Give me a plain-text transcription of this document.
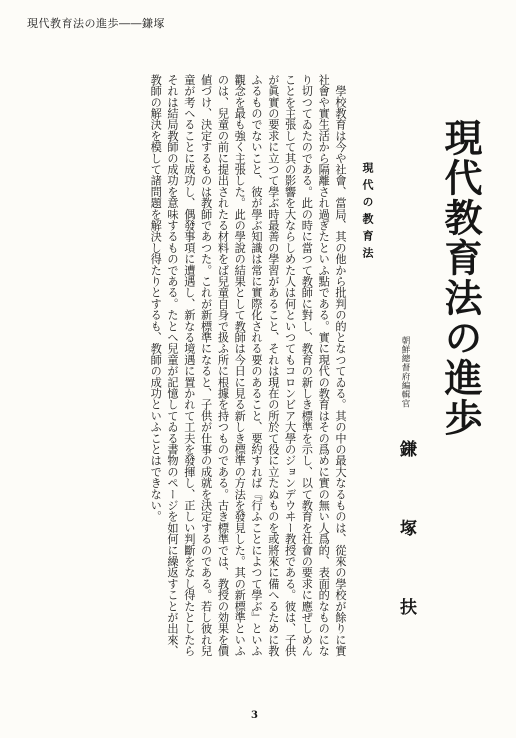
現代教育法の進歩――鎌塚
現代教育法の進歩
現代の教育法
朝鮮總督府編輯官
鎌塚扶

　學校教育は今や社會、當局、其の他から批判の的となつてゐる。其の中の最大なるものは、從來の學校が餘りに實

社會や實生活から隔離され過ぎたといふ點である。實に現代の教育はその爲めに實の無い人爲的、表面的なものにな

り切つてゐたのである。此の時に當つて教師に對し、教育の新しき標準を示し、以て教育を社會の要求に應ぜしめん

ことを主張して其の影響を大ならしめた人は何といつてもコロンビア大學のジョンデウヰー教授である。彼は、子供

が眞實の要求に立つて學ぶ時最善の學習があること、それは現在の所於て役に立たぬものを或將來に備へるために教

ふるものでないこと、彼が學ぶ知識は常に實際化される要のあること、要約すれば『行ふことによつて學ぶ』といふ

觀念を最も強く主張した。此の學說の結果として教師は今日に見る新しき標準の方法を發見した。其の新標準といふ

のは、兒童の前に提出されたる材料をば兒童自身で扱ふ所に根據を持つものである。古き標準では、教授の効果を價

値づけ、決定するものは教師であつた。これが新標準になると、子供が仕事の成就を決定するのである。若し彼れ兒

童が考へることに成功し、偶發事項に遭遇し、新なる境遇に置かれて工夫を發揮し、正しい判斷をなし得たとしたら

それは結局教師の成功を意味するものである。たとへ兒童が記憶してゐる書物のページを如何に繰返すことが出來、

教師の解決を模して諸問題を解決し得たりとするも、教師の成功といふことはできない。

3
